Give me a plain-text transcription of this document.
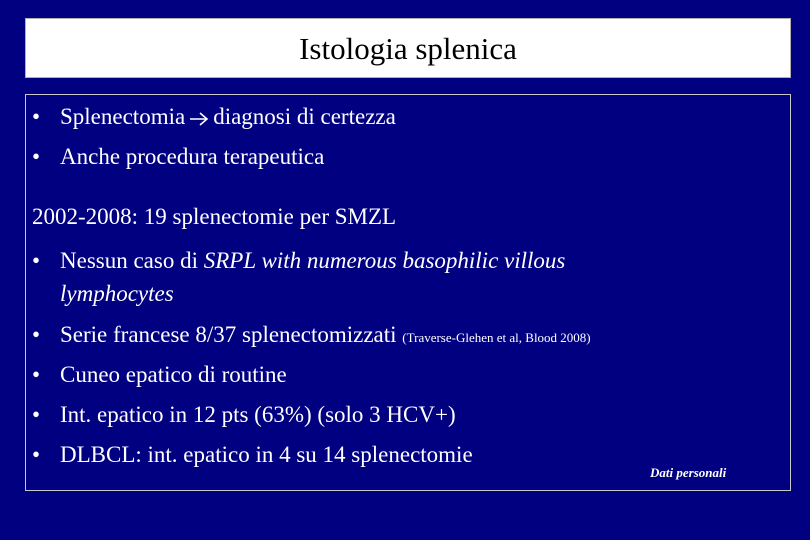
Istologia splenica
• Splenectomia diagnosi di certezza
• Anche procedura terapeutica
2002-2008: 19 splenectomie per SMZL
• Nessun caso di SRPL with numerous basophilic villous
lymphocytes
• Serie francese 8/37 splenectomizzati (Traverse-Glehen et al, Blood 2008)
• Cuneo epatico di routine
• Int. epatico in 12 pts (63%) (solo 3 HCV+)
• DLBCL: int. epatico in 4 su 14 splenectomie
Dati personali
